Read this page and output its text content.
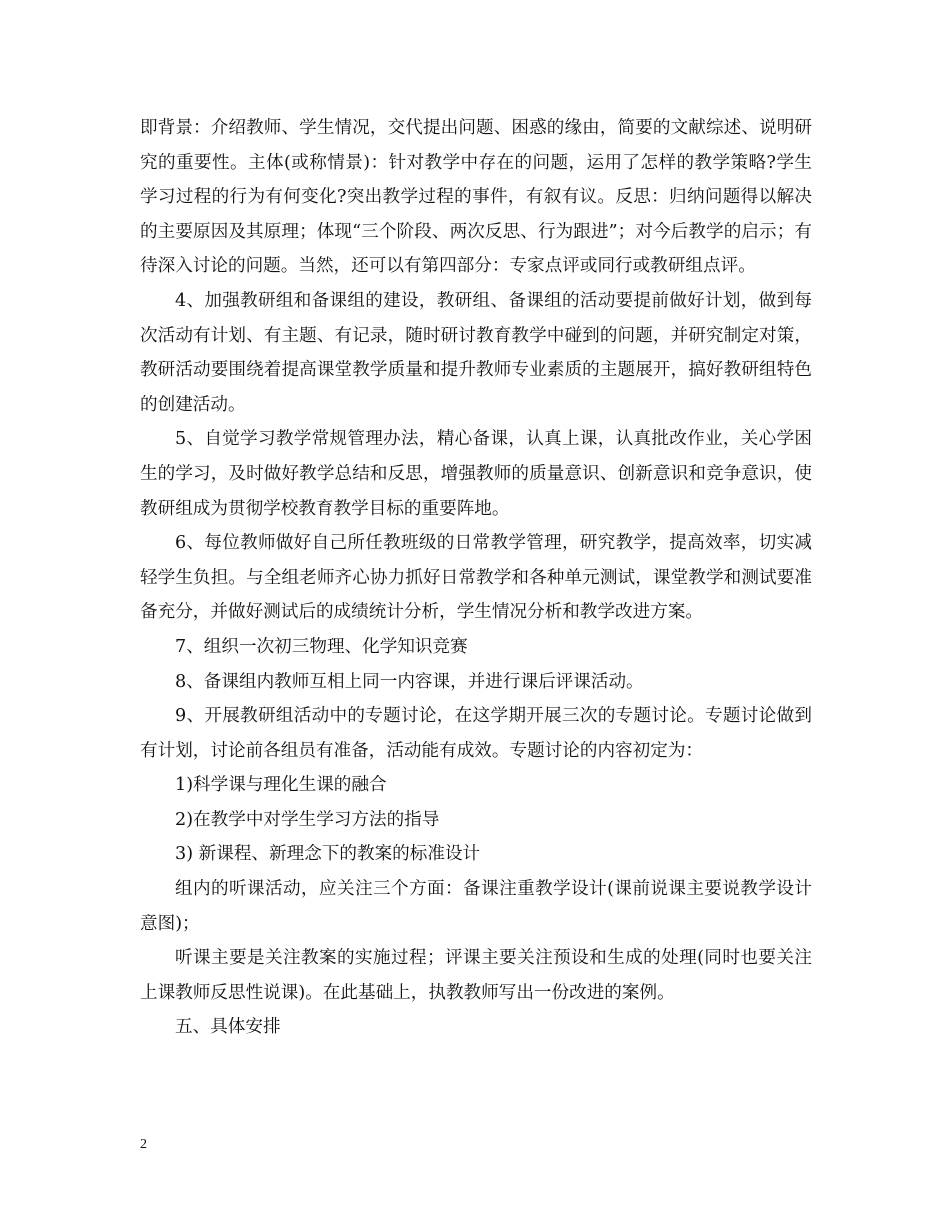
即背景：介绍教师、学生情况，交代提出问题、困惑的缘由，简要的文献综述、说明研究的重要性。主体(或称情景)：针对教学中存在的问题，运用了怎样的教学策略?学生学习过程的行为有何变化?突出教学过程的事件，有叙有议。反思：归纳问题得以解决的主要原因及其原理；体现“三个阶段、两次反思、行为跟进”；对今后教学的启示；有待深入讨论的问题。当然，还可以有第四部分：专家点评或同行或教研组点评。

4、加强教研组和备课组的建设，教研组、备课组的活动要提前做好计划，做到每次活动有计划、有主题、有记录，随时研讨教育教学中碰到的问题，并研究制定对策，教研活动要围绕着提高课堂教学质量和提升教师专业素质的主题展开，搞好教研组特色的创建活动。

5、自觉学习教学常规管理办法，精心备课，认真上课，认真批改作业，关心学困生的学习，及时做好教学总结和反思，增强教师的质量意识、创新意识和竞争意识，使教研组成为贯彻学校教育教学目标的重要阵地。

6、每位教师做好自己所任教班级的日常教学管理，研究教学，提高效率，切实减轻学生负担。与全组老师齐心协力抓好日常教学和各种单元测试，课堂教学和测试要准备充分，并做好测试后的成绩统计分析，学生情况分析和教学改进方案。

7、组织一次初三物理、化学知识竞赛

8、备课组内教师互相上同一内容课，并进行课后评课活动。

9、开展教研组活动中的专题讨论，在这学期开展三次的专题讨论。专题讨论做到有计划，讨论前各组员有准备，活动能有成效。专题讨论的内容初定为：

1)科学课与理化生课的融合

2)在教学中对学生学习方法的指导

3) 新课程、新理念下的教案的标准设计

组内的听课活动，应关注三个方面：备课注重教学设计(课前说课主要说教学设计意图)；

听课主要是关注教案的实施过程；评课主要关注预设和生成的处理(同时也要关注上课教师反思性说课)。在此基础上，执教教师写出一份改进的案例。

五、具体安排

2
